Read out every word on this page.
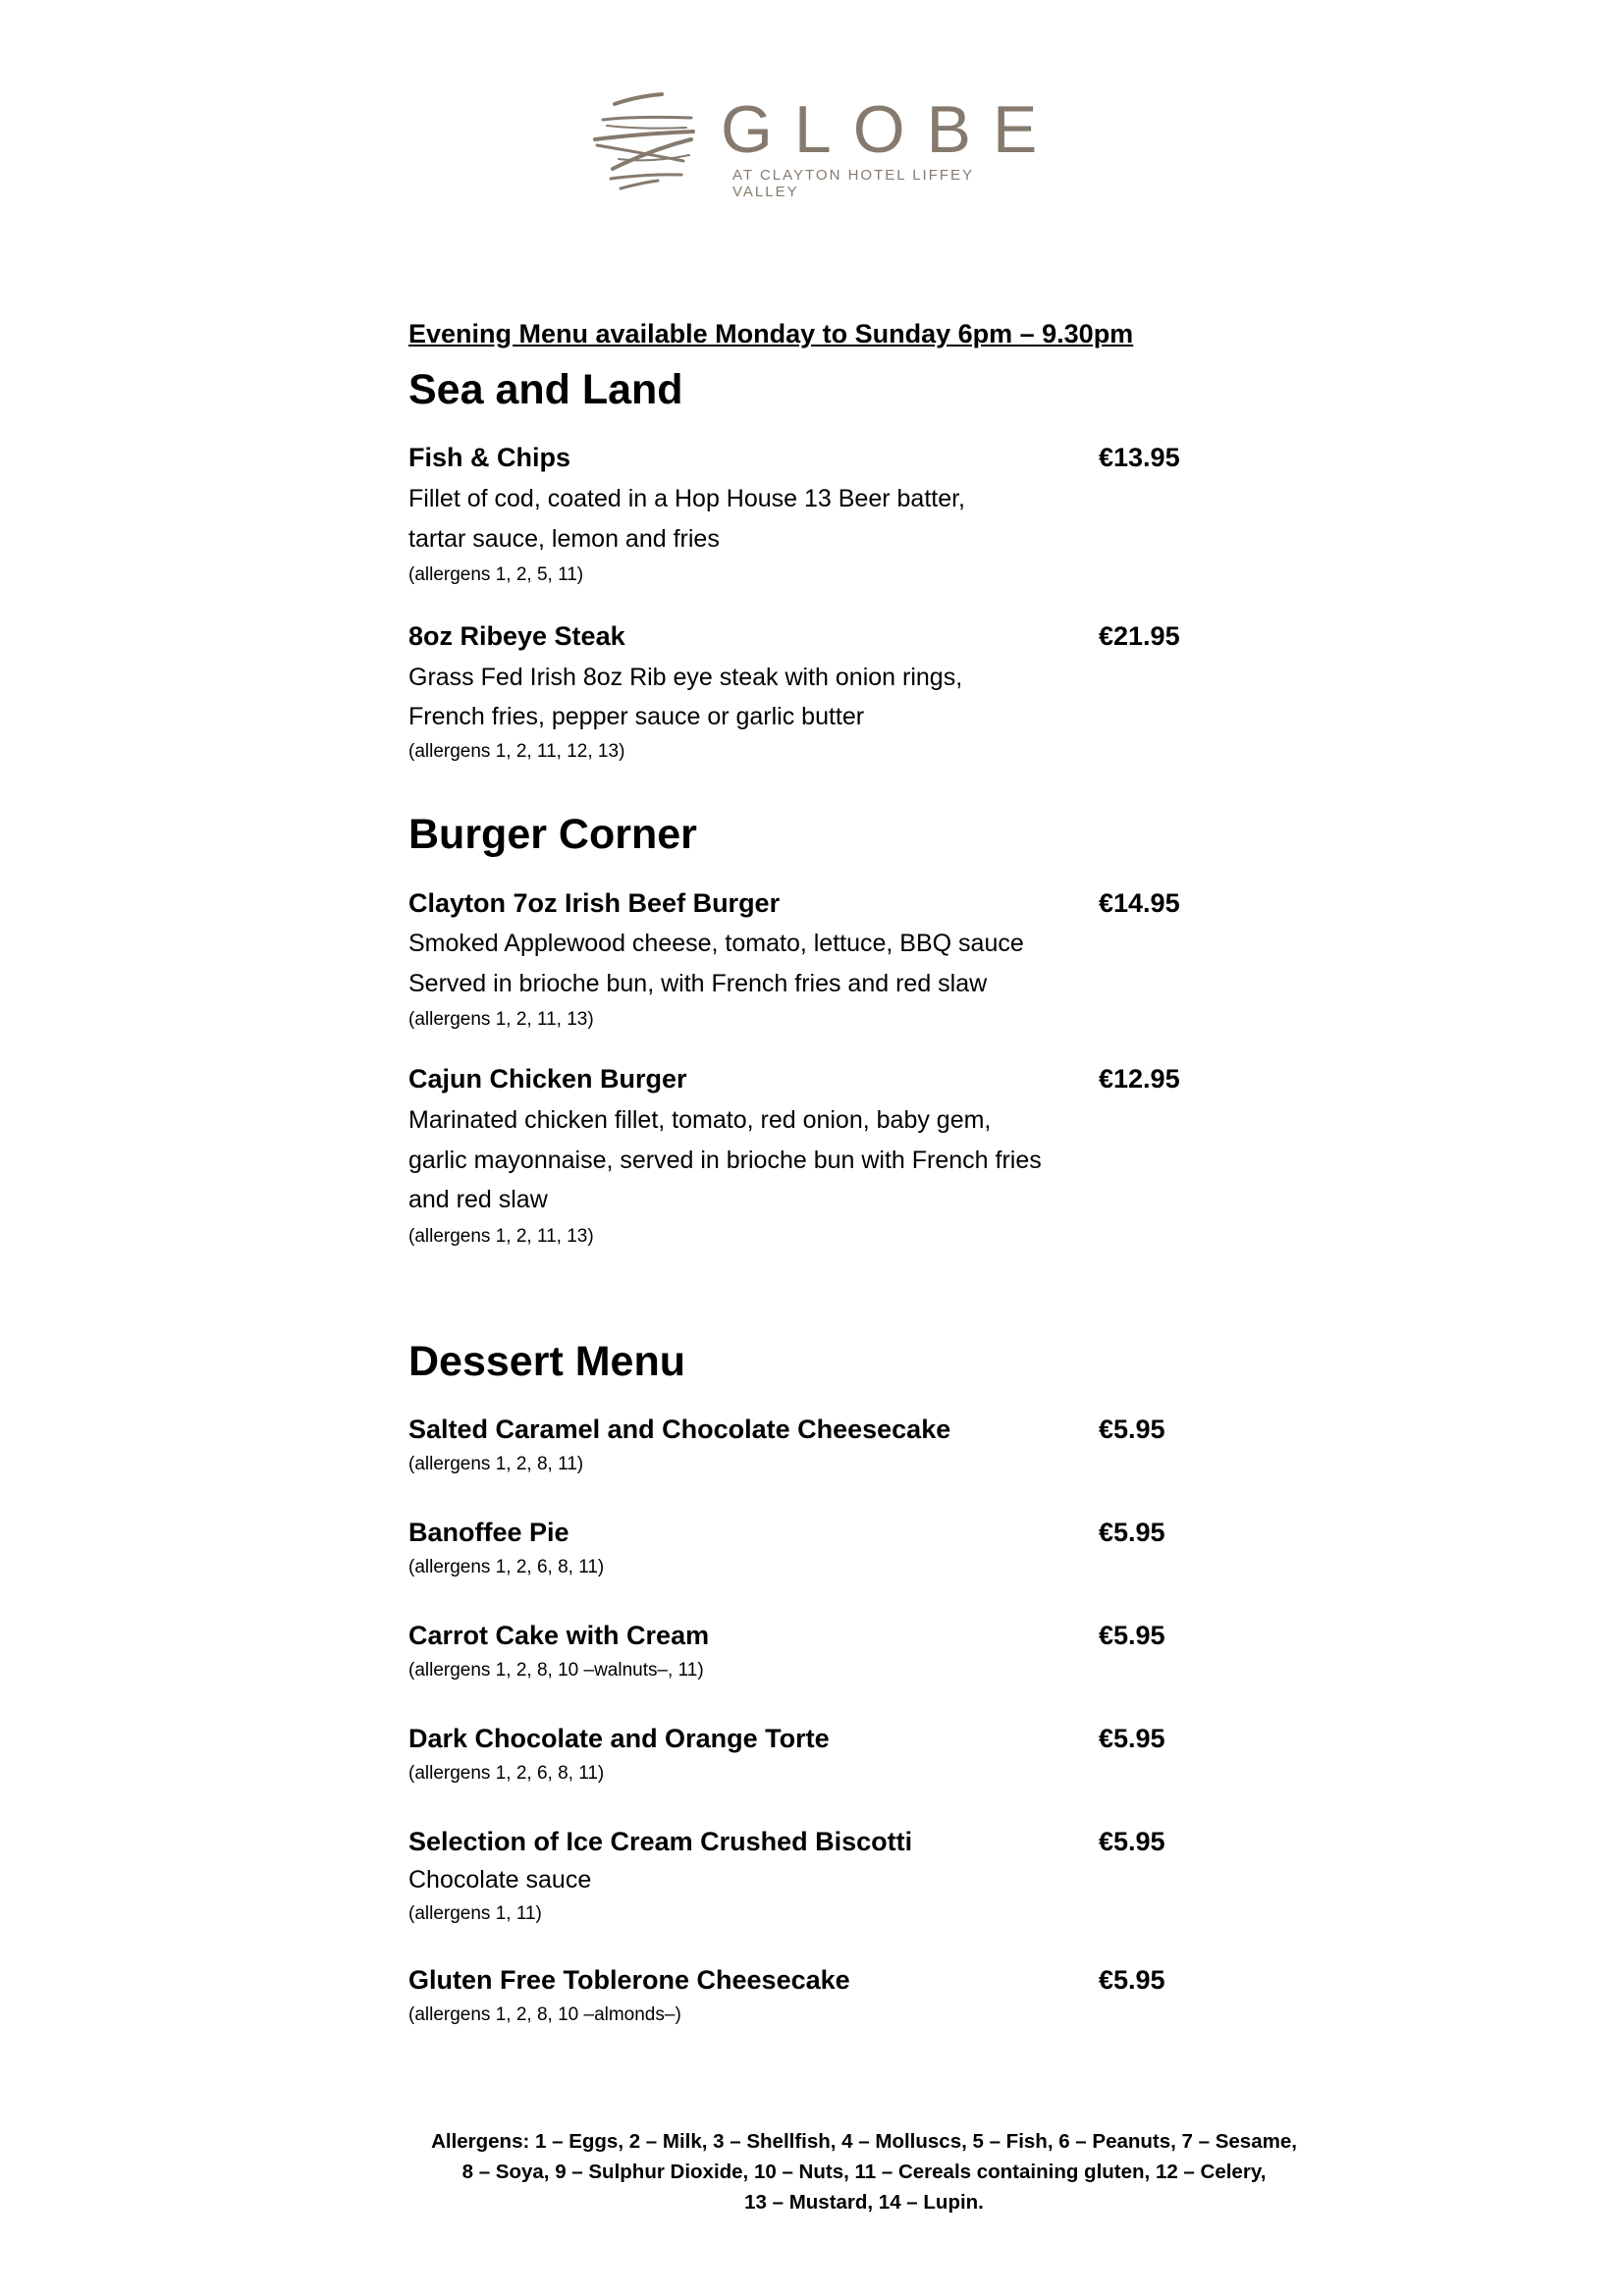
GLOBE
AT CLAYTON HOTEL LIFFEY VALLEY
Evening Menu available Monday to Sunday 6pm – 9.30pm
Sea and Land
Fish & Chips	€13.95
Fillet of cod, coated in a Hop House 13 Beer batter,
tartar sauce, lemon and fries
(allergens 1, 2, 5, 11)
8oz Ribeye Steak	€21.95
Grass Fed Irish 8oz Rib eye steak with onion rings,
French fries, pepper sauce or garlic butter
(allergens 1, 2, 11, 12, 13)
Burger Corner
Clayton 7oz Irish Beef Burger	€14.95
Smoked Applewood cheese, tomato, lettuce, BBQ sauce
Served in brioche bun, with French fries and red slaw
(allergens 1, 2, 11, 13)
Cajun Chicken Burger	€12.95
Marinated chicken fillet, tomato, red onion, baby gem,
garlic mayonnaise, served in brioche bun with French fries
and red slaw
(allergens 1, 2, 11, 13)
Dessert Menu
Salted Caramel and Chocolate Cheesecake	€5.95
(allergens 1, 2, 8, 11)
Banoffee Pie	€5.95
(allergens 1, 2, 6, 8, 11)
Carrot Cake with Cream	€5.95
(allergens 1, 2, 8, 10 –walnuts–, 11)
Dark Chocolate and Orange Torte	€5.95
(allergens 1, 2, 6, 8, 11)
Selection of Ice Cream Crushed Biscotti	€5.95
Chocolate sauce
(allergens 1, 11)
Gluten Free Toblerone Cheesecake	€5.95
(allergens 1, 2, 8, 10 –almonds–)
Allergens: 1 – Eggs, 2 – Milk, 3 – Shellfish, 4 – Molluscs, 5 – Fish, 6 – Peanuts, 7 – Sesame,
8 – Soya, 9 – Sulphur Dioxide, 10 – Nuts, 11 – Cereals containing gluten, 12 – Celery,
13 – Mustard, 14 – Lupin.
